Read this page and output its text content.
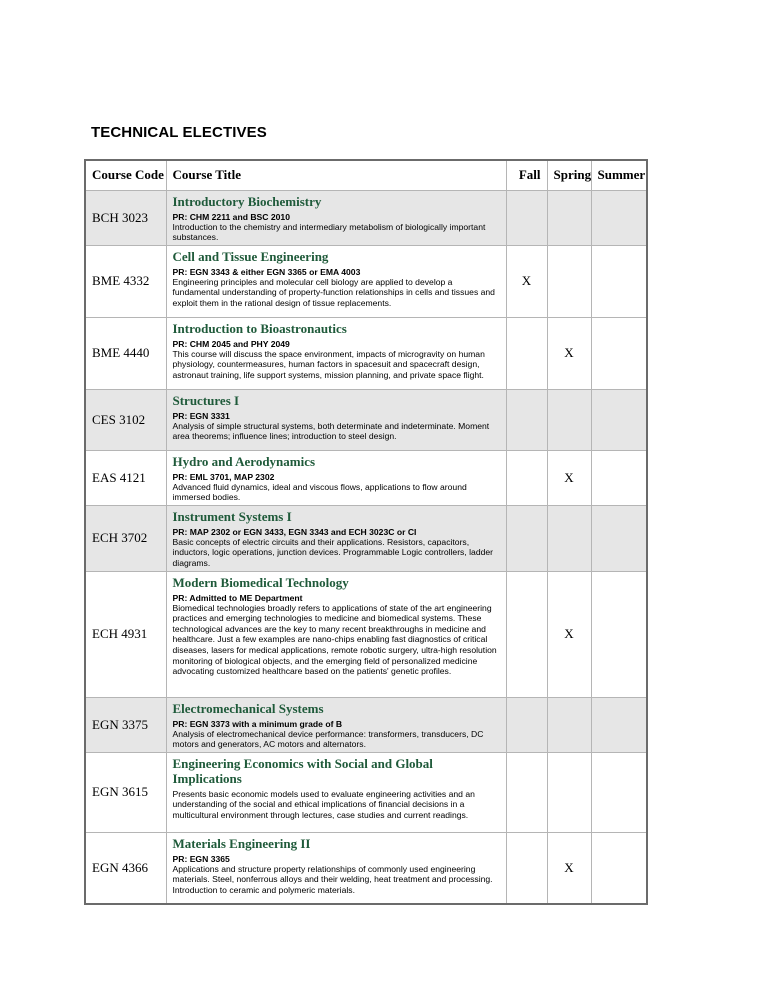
TECHNICAL ELECTIVES
Course Code	Course Title	Fall	Spring	Summer
BCH 3023	Introductory Biochemistry
PR: CHM 2211 and BSC 2010
Introduction to the chemistry and intermediary metabolism of biologically important substances.			

BME 4332	Cell and Tissue Engineering
PR: EGN 3343 & either EGN 3365 or EMA 4003
Engineering principles and molecular cell biology are applied to develop a fundamental understanding of property-function relationships in cells and tissues and exploit them in the rational design of tissue replacements.	X		
BME 4440	Introduction to Bioastronautics
PR: CHM 2045 and PHY 2049
This course will discuss the space environment, impacts of microgravity on human physiology, countermeasures, human factors in spacesuit and spacecraft design, astronaut training, life support systems, mission planning, and private space flight.		X	
CES 3102	Structures I
PR: EGN 3331
Analysis of simple structural systems, both determinate and indeterminate. Moment area theorems; influence lines; introduction to steel design.			

EAS 4121	Hydro and Aerodynamics
PR: EML 3701, MAP 2302
Advanced fluid dynamics, ideal and viscous flows, applications to flow around immersed bodies.		X	
ECH 3702	Instrument Systems I
PR: MAP 2302 or EGN 3433, EGN 3343 and ECH 3023C or CI
Basic concepts of electric circuits and their applications. Resistors, capacitors, inductors, logic operations, junction devices. Programmable Logic controllers, ladder diagrams.			

ECH 4931	Modern Biomedical Technology
PR: Admitted to ME Department
Biomedical technologies broadly refers to applications of state of the art engineering practices and emerging technologies to medicine and biomedical systems. These technological advances are the key to many recent breakthroughs in medicine and healthcare. Just a few examples are nano-chips enabling fast diagnostics of critical diseases, lasers for medical applications, remote robotic surgery, ultra-high resolution monitoring of biological objects, and the emerging field of personalized medicine advocating customized healthcare based on the patients' genetic profiles.		X	
EGN 3375	Electromechanical Systems
PR: EGN 3373 with a minimum grade of B
Analysis of electromechanical device performance: transformers, transducers, DC motors and generators, AC motors and alternators.			

EGN 3615	Engineering Economics with Social and Global Implications
Presents basic economic models used to evaluate engineering activities and an understanding of the social and ethical implications of financial decisions in a multicultural environment through lectures, case studies and current readings.			

EGN 4366	Materials Engineering II
PR: EGN 3365
Applications and structure property relationships of commonly used engineering materials. Steel, nonferrous alloys and their welding, heat treatment and processing. Introduction to ceramic and polymeric materials.		X	
